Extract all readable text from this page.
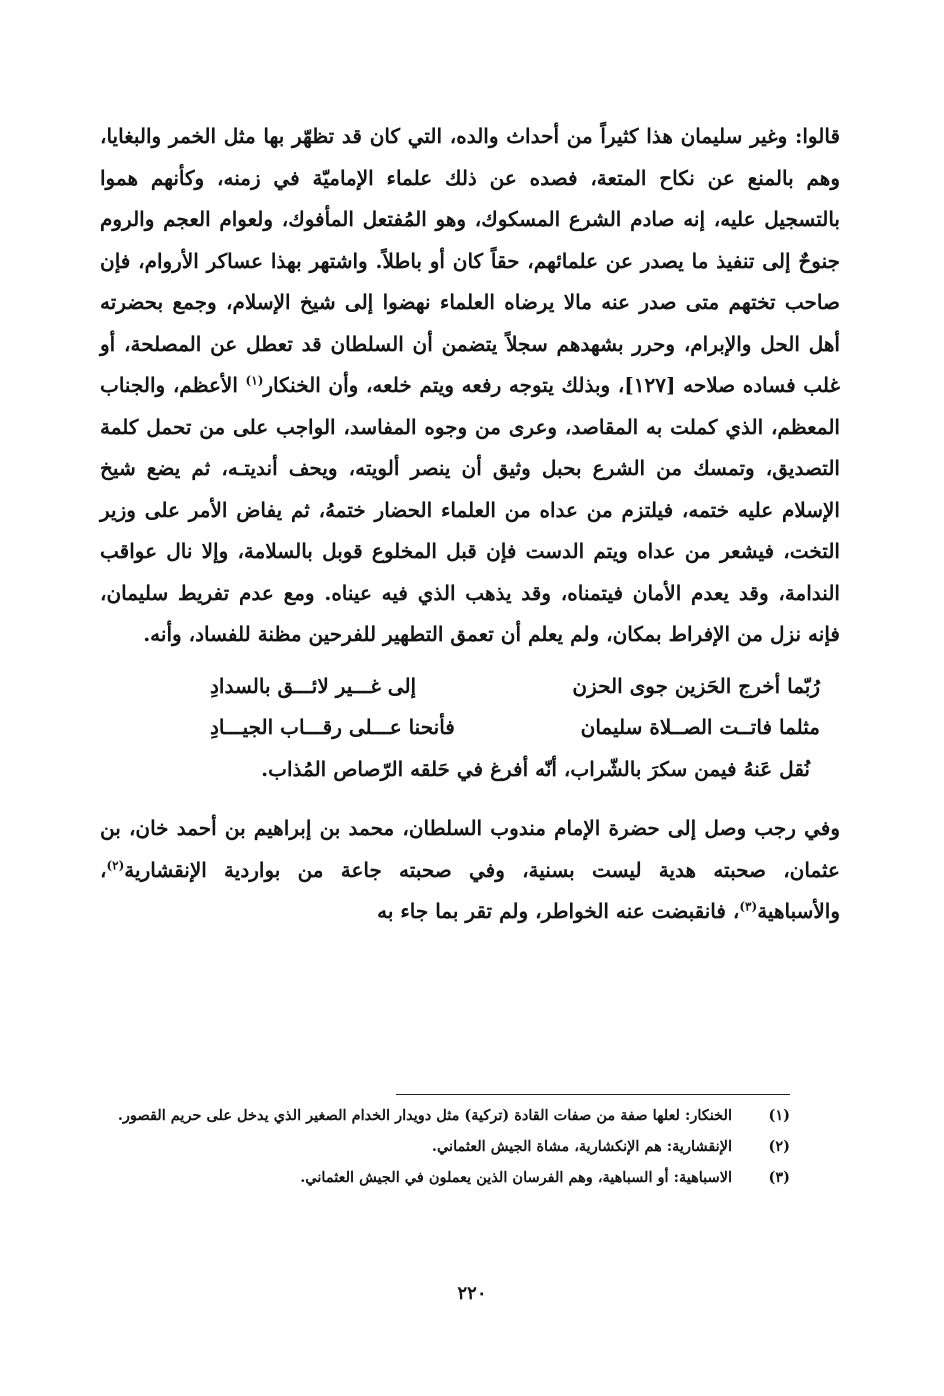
قالوا: وغير سليمان هذا كثيراً من أحداث والده، التي كان قد تظهّر بها مثل الخمر والبغايا، وهم بالمنع عن نكاح المتعة، فصده عن ذلك علماء الإماميّة في زمنه، وكأنهم هموا بالتسجيل عليه، إنه صادم الشرع المسكوك، وهو المُفتعل المأفوك، ولعوام العجم والروم جنوحٌ إلى تنفيذ ما يصدر عن علمائهم، حقاً كان أو باطلاً. واشتهر بهذا عساكر الأروام، فإن صاحب تختهم متى صدر عنه مالا يرضاه العلماء نهضوا إلى شيخ الإسلام، وجمع بحضرته أهل الحل والإبرام، وحرر بشهدهم سجلاً يتضمن أن السلطان قد تعطل عن المصلحة، أو غلب فساده صلاحه [١٢٧]، وبذلك يتوجه رفعه ويتم خلعه، وأن الخنكار$^{(١)}$ الأعظم، والجناب المعظم، الذي كملت به المقاصد، وعرى من وجوه المفاسد، الواجب على من تحمل كلمة التصديق، وتمسك من الشرع بحبل وثيق أن ينصر ألويته، ويحف أنديتـه، ثم يضع شيخ الإسلام عليه ختمه، فيلتزم من عداه من العلماء الحضار ختمهُ، ثم يفاض الأمر على وزير التخت، فيشعر من عداه ويتم الدست فإن قبل المخلوع قوبل بالسلامة، وإلا نال عواقب الندامة، وقد يعدم الأمان فيتمناه، وقد يذهب الذي فيه عيناه. ومع عدم تفريط سليمان، فإنه نزل من الإفراط بمكان، ولم يعلم أن تعمق التطهير للفرحين مظنة للفساد، وأنه.

رُبّما أخرج الحَزين جوى الحزن
إلى غـــير لائـــق بالسدادِ
مثلما فاتــت الصــلاة سليمان
فأنحنا عـــلى رقـــاب الجيـــادِ
نُقل عَنهُ فيمن سكرَ بالشّراب، أنّه أفرغ في حَلقه الرّصاص المُذاب.

وفي رجب وصل إلى حضرة الإمام مندوب السلطان، محمد بن إبراهيم بن أحمد خان، بن عثمان، صحبته هدية ليست بسنية، وفي صحبته جاعة من بواردية الإنقشارية$^{(٢)}$، والأسباهية$^{(٣)}$، فانقبضت عنه الخواطر، ولم تقر بما جاء به

(١)
الخنكار: لعلها صفة من صفات القادة (تركية) مثل دويدار الخدام الصغير الذي يدخل على حريم القصور.
(٢)
الإنقشارية: هم الإنكشارية، مشاة الجيش العثماني.
(٣)
الاسباهية: أو السباهية، وهم الفرسان الذين يعملون في الجيش العثماني.
٢٢٠
